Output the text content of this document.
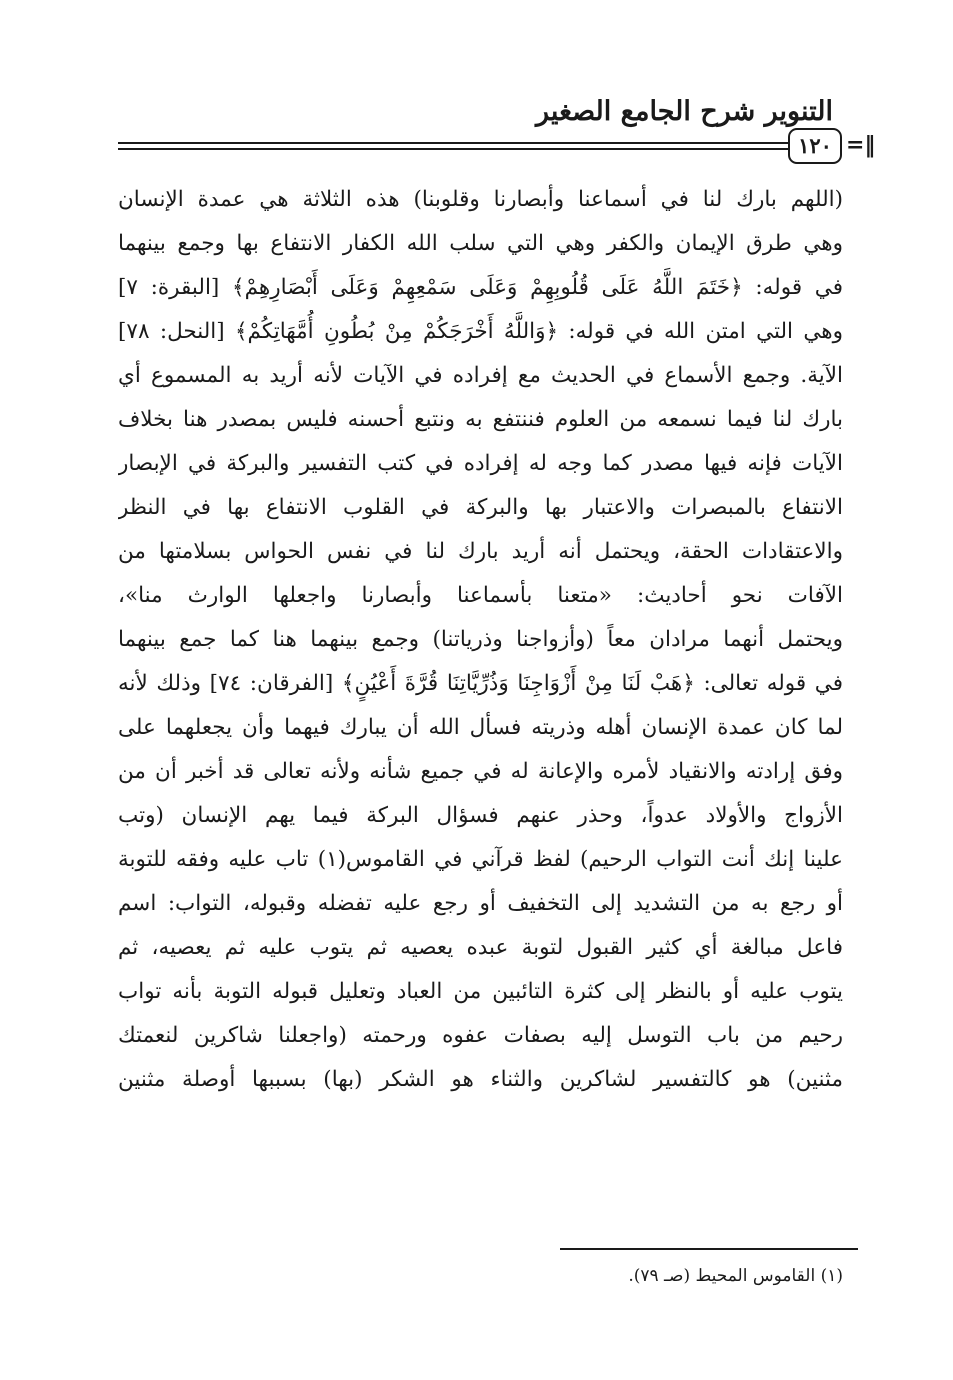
التنوير شرح الجامع الصغير
١٢٠ =‖
(اللهم بارك لنا في أسماعنا وأبصارنا وقلوبنا) هذه الثلاثة هي عمدة الإنسان
وهي طرق الإيمان والكفر وهي التي سلب الله الكفار الانتفاع بها وجمع بينهما
في قوله: ﴿خَتَمَ اللَّهُ عَلَى قُلُوبِهِمْ وَعَلَى سَمْعِهِمْ وَعَلَى أَبْصَارِهِمْ﴾ [البقرة: ٧]
وهي التي امتن الله في قوله: ﴿وَاللَّهُ أَخْرَجَكُمْ مِنْ بُطُونِ أُمَّهَاتِكُمْ﴾ [النحل: ٧٨]
الآية. وجمع الأسماع في الحديث مع إفراده في الآيات لأنه أريد به المسموع أي
بارك لنا فيما نسمعه من العلوم فننتفع به ونتبع أحسنه فليس بمصدر هنا بخلاف
الآيات فإنه فيها مصدر كما وجه له إفراده في كتب التفسير والبركة في الإبصار
الانتفاع بالمبصرات والاعتبار بها والبركة في القلوب الانتفاع بها في النظر
والاعتقادات الحقة، ويحتمل أنه أريد بارك لنا في نفس الحواس بسلامتها من
الآفات نحو أحاديث: «متعنا بأسماعنا وأبصارنا واجعلها الوارث منا»،
ويحتمل أنهما مرادان معاً (وأزواجنا وذرياتنا) وجمع بينهما هنا كما جمع بينهما
في قوله تعالى: ﴿هَبْ لَنَا مِنْ أَزْوَاجِنَا وَذُرِّيَّاتِنَا قُرَّةَ أَعْيُنٍ﴾ [الفرقان: ٧٤] وذلك لأنه
لما كان عمدة الإنسان أهله وذريته فسأل الله أن يبارك فيهما وأن يجعلهما على
وفق إرادته والانقياد لأمره والإعانة له في جميع شأنه ولأنه تعالى قد أخبر أن من
الأزواج والأولاد عدواً، وحذر عنهم فسؤال البركة فيما يهم الإنسان (وتب
علينا إنك أنت التواب الرحيم) لفظ قرآني في القاموس(١) تاب عليه وفقه للتوبة
أو رجع به من التشديد إلى التخفيف أو رجع عليه تفضله وقبوله، التواب: اسم
فاعل مبالغة أي كثير القبول لتوبة عبده يعصيه ثم يتوب عليه ثم يعصيه، ثم
يتوب عليه أو بالنظر إلى كثرة التائبين من العباد وتعليل قبوله التوبة بأنه تواب
رحيم من باب التوسل إليه بصفات عفوه ورحمته (واجعلنا شاكرين لنعمتك
مثنين) هو كالتفسير لشاكرين والثناء هو الشكر (بها) بسببها أوصلة مثنين
(١) القاموس المحيط (صـ ٧٩).
